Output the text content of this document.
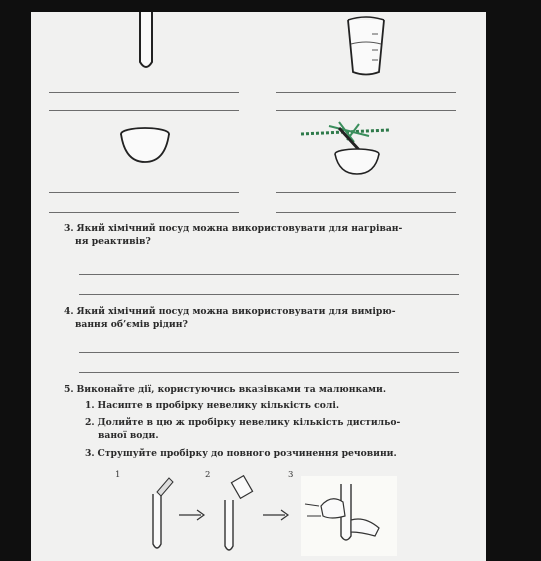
3. Який хімічний посуд можна використовувати для нагріван-
ня реактивів?
4. Який хімічний посуд можна використовувати для вимірю-
вання об’ємів рідин?
5. Виконайте дії, користуючись вказівками та малюнками.
1. Насипте в пробірку невелику кількість солі.
2. Долийте в цю ж пробірку невелику кількість дистильо-
ваної води.
3. Струшуйте пробірку до повного розчинення речовини.
1	2	3
